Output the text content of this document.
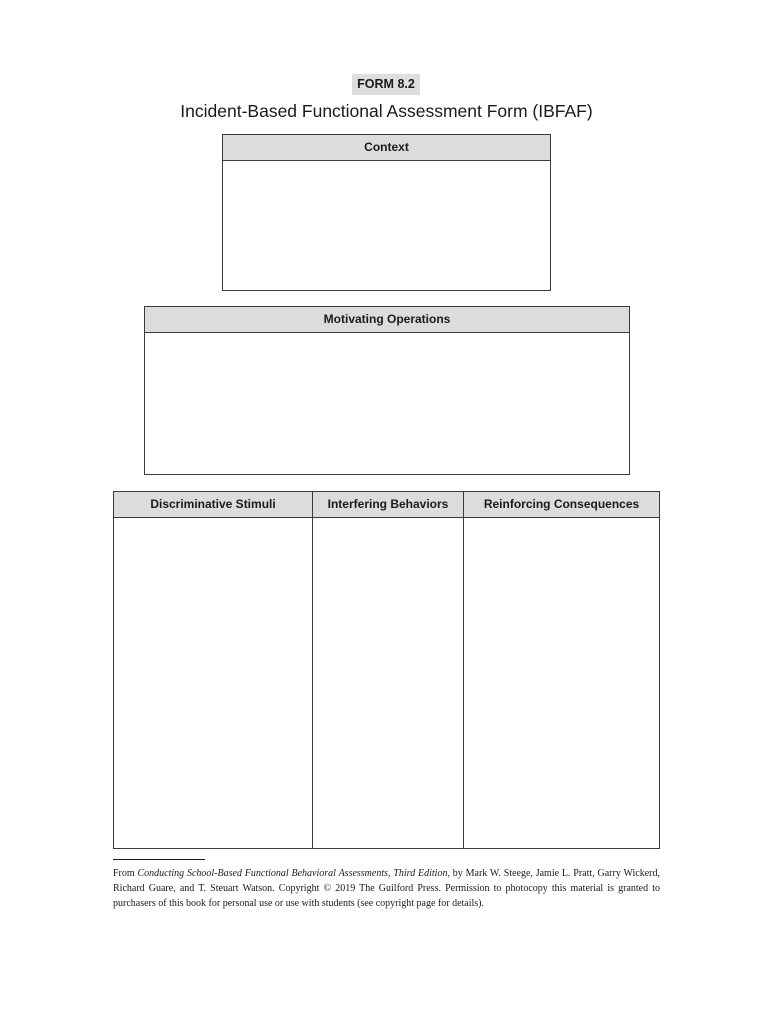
FORM 8.2
Incident-Based Functional Assessment Form (IBFAF)
Context
Motivating Operations
Discriminative Stimuli	Interfering Behaviors	Reinforcing Consequences
From Conducting School-Based Functional Behavioral Assessments, Third Edition, by Mark W. Steege, Jamie L. Pratt, Garry Wickerd, Richard Guare, and T. Steuart Watson. Copyright © 2019 The Guilford Press. Permission to photocopy this material is granted to purchasers of this book for personal use or use with students (see copyright page for details).
